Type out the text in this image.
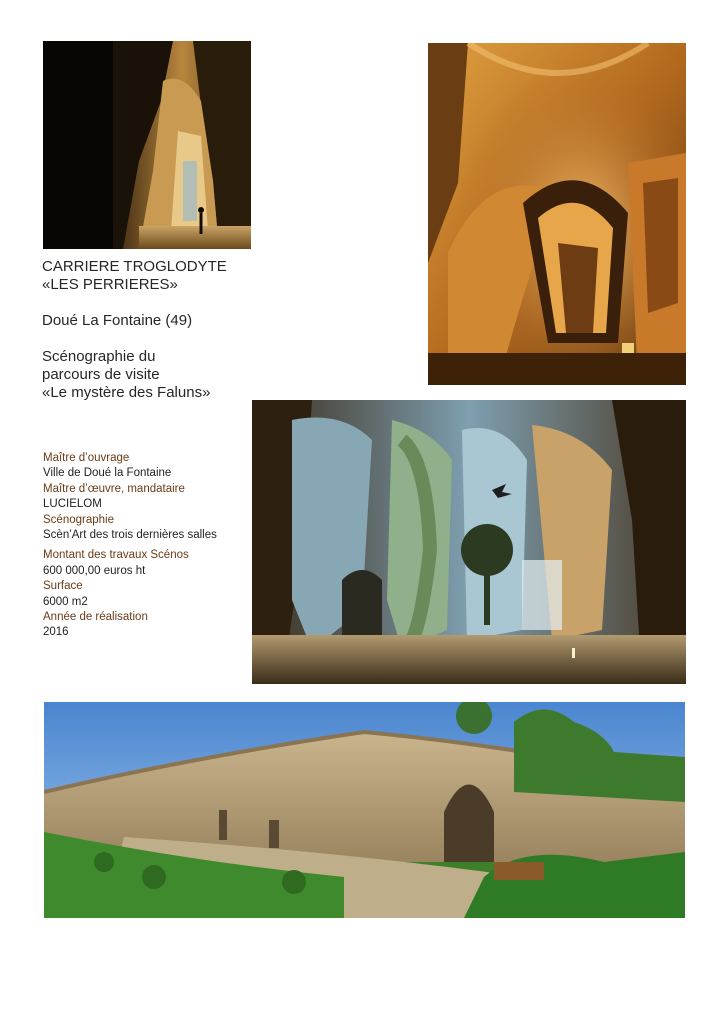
CARRIERE TROGLODYTE
«LES PERRIERES»
Doué La Fontaine (49)
Scénographie du
parcours de visite
«Le mystère des Faluns»
Maître d’ouvrage
Ville de Doué la Fontaine
Maître d’œuvre, mandataire
LUCIELOM
Scénographie
Scèn’Art des trois dernières salles
Montant des travaux Scénos
600 000,00 euros ht
Surface
6000 m2
Année de réalisation
2016
